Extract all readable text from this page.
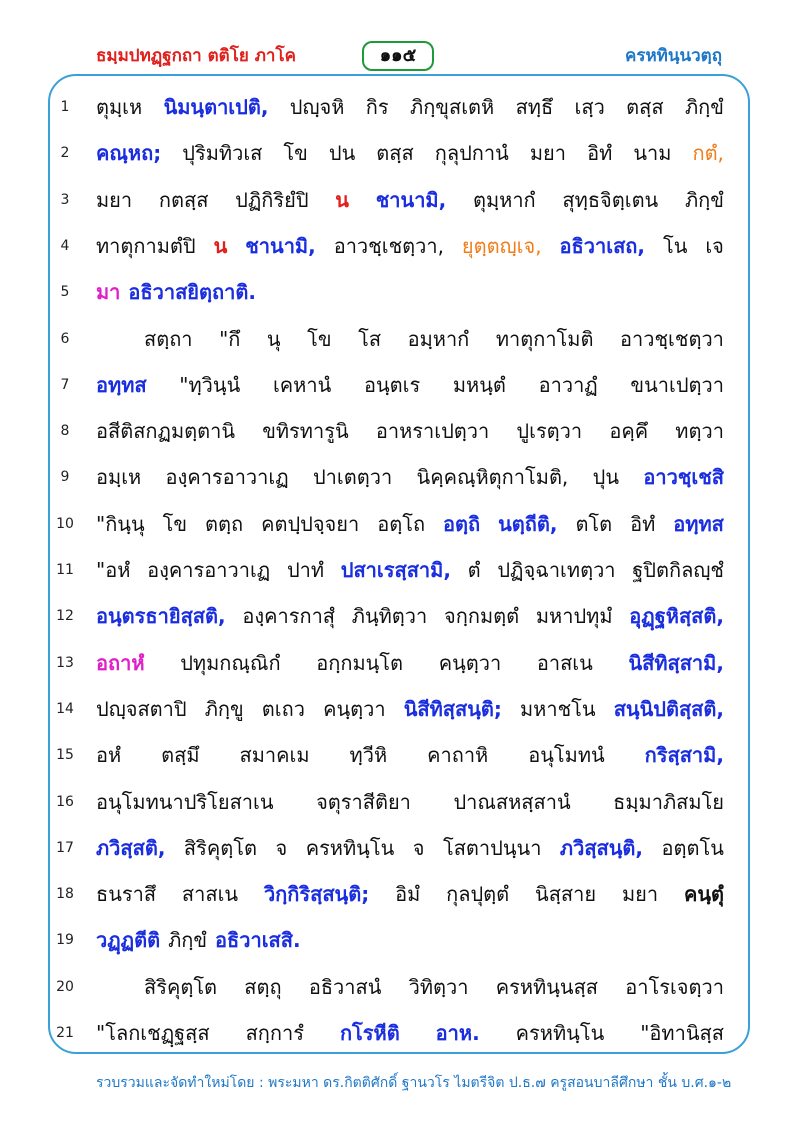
ธมฺมปทฏฺฐกถา ตติโย ภาโค	๑๑๕	ครหทินฺนวตฺถุ
1	ตุมฺเห นิมนฺตาเปติ, ปญฺจหิ กิร ภิกฺขุสเตหิ สทฺธึ เสฺว ตสฺส ภิกฺขํ
2	คณฺหถ; ปุริมทิวเส โข ปน ตสฺส กุลุปกานํ มยา อิทํ นาม กตํ,
3	มยา กตสฺส ปฏิกิริยํปิ น ชานามิ, ตุมฺหากํ สุทฺธจิตฺเตน ภิกฺขํ
4	ทาตุกามตํปิ น ชานามิ, อาวชฺเชตฺวา, ยุตฺตญฺเจ, อธิวาเสถ, โน เจ
5	มา อธิวาสยิตฺถาติ.
6	สตฺถา "กึ นุ โข โส อมฺหากํ ทาตุกาโมติ อาวชฺเชตฺวา
7	อทฺทส "ทฺวินฺนํ เคหานํ อนฺตเร มหนฺตํ อาวาฏํ ขนาเปตฺวา
8	อสีติสกฏมตฺตานิ ขทิรทารูนิ อาหราเปตฺวา ปูเรตฺวา อคฺคึ ทตฺวา
9	อมฺเห องฺคารอาวาเฏ ปาเตตฺวา นิคฺคณฺหิตุกาโมติ, ปุน อาวชฺเชสิ
10	"กินฺนุ โข ตตฺถ คตปฺปจฺจยา อตฺโถ อตฺถิ นตฺถีติ, ตโต อิทํ อทฺทส
11	"อหํ องฺคารอาวาเฏ ปาทํ ปสาเรสฺสามิ, ตํ ปฏิจฺฉาเทตฺวา ฐปิตกิลญฺชํ
12	อนฺตรธายิสฺสติ, องฺคารกาสุํ ภินฺทิตฺวา จกฺกมตฺตํ มหาปทุมํ อุฏฺฐหิสฺสติ,
13	อถาหํ ปทุมกณฺณิกํ อกฺกมนฺโต คนฺตฺวา อาสเน นิสีทิสฺสามิ,
14	ปญฺจสตาปิ ภิกฺขู ตเถว คนฺตฺวา นิสีทิสฺสนฺติ; มหาชโน สนฺนิปติสฺสติ,
15	อหํ ตสฺมึ สมาคเม ทฺวีหิ คาถาหิ อนุโมทนํ กริสฺสามิ,
16	อนุโมทนาปริโยสาเน จตุราสีติยา ปาณสหสฺสานํ ธมฺมาภิสมโย
17	ภวิสฺสติ, สิริคุตฺโต จ ครหทินฺโน จ โสตาปนฺนา ภวิสฺสนฺติ, อตฺตโน
18	ธนราสึ สาสเน วิกฺกิริสฺสนฺติ; อิมํ กุลปุตฺตํ นิสฺสาย มยา คนฺตุํ
19	วฏฺฏตีติ ภิกฺขํ อธิวาเสสิ.
20	สิริคุตฺโต สตฺถุ อธิวาสนํ วิทิตฺวา ครหทินฺนสฺส อาโรเจตฺวา
21	"โลกเชฏฺฐสฺส สกฺการํ กโรหีติ อาห. ครหทินฺโน "อิทานิสฺส
รวบรวมและจัดทำใหม่โดย : พระมหา ดร.กิตติศักดิ์ ฐานวโร ไมตรีจิต ป.ธ.๗ ครูสอนบาลีศึกษา ชั้น บ.ศ.๑-๒
